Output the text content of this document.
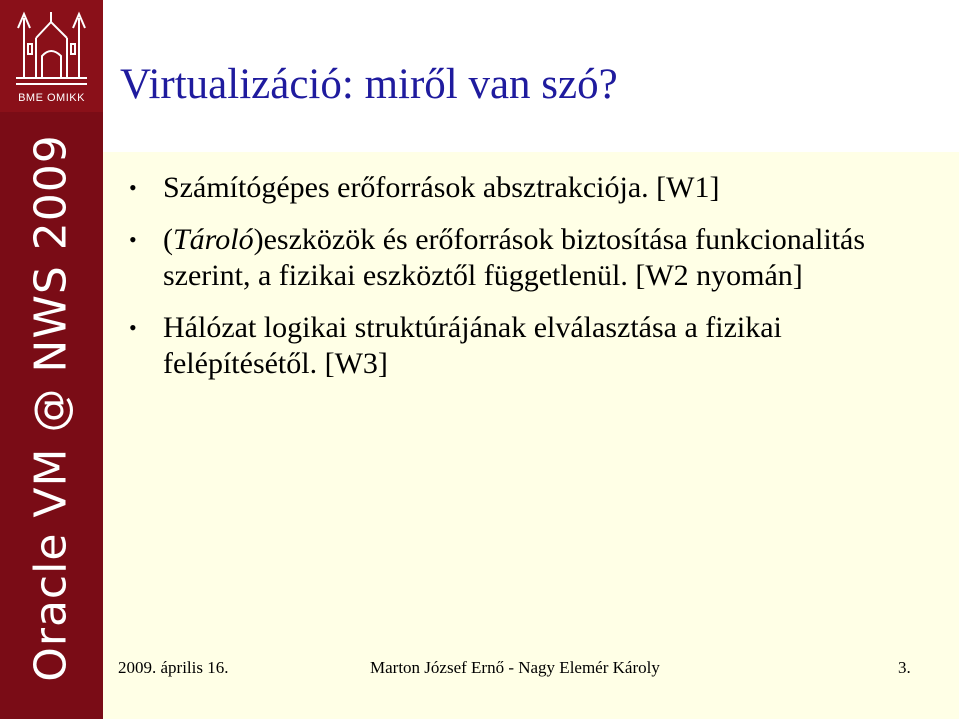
BME OMIKK
Oracle VM @ NWS 2009
Virtualizáció: miről van szó?
• Számítógépes erőforrások absztrakciója. [W1]
• (Tároló)eszközök és erőforrások biztosítása funkcionalitás szerint, a fizikai eszköztől függetlenül. [W2 nyomán]
• Hálózat logikai struktúrájának elválasztása a fizikai felépítésétől. [W3]
2009. április 16.	Marton József Ernő - Nagy Elemér Károly	3.
